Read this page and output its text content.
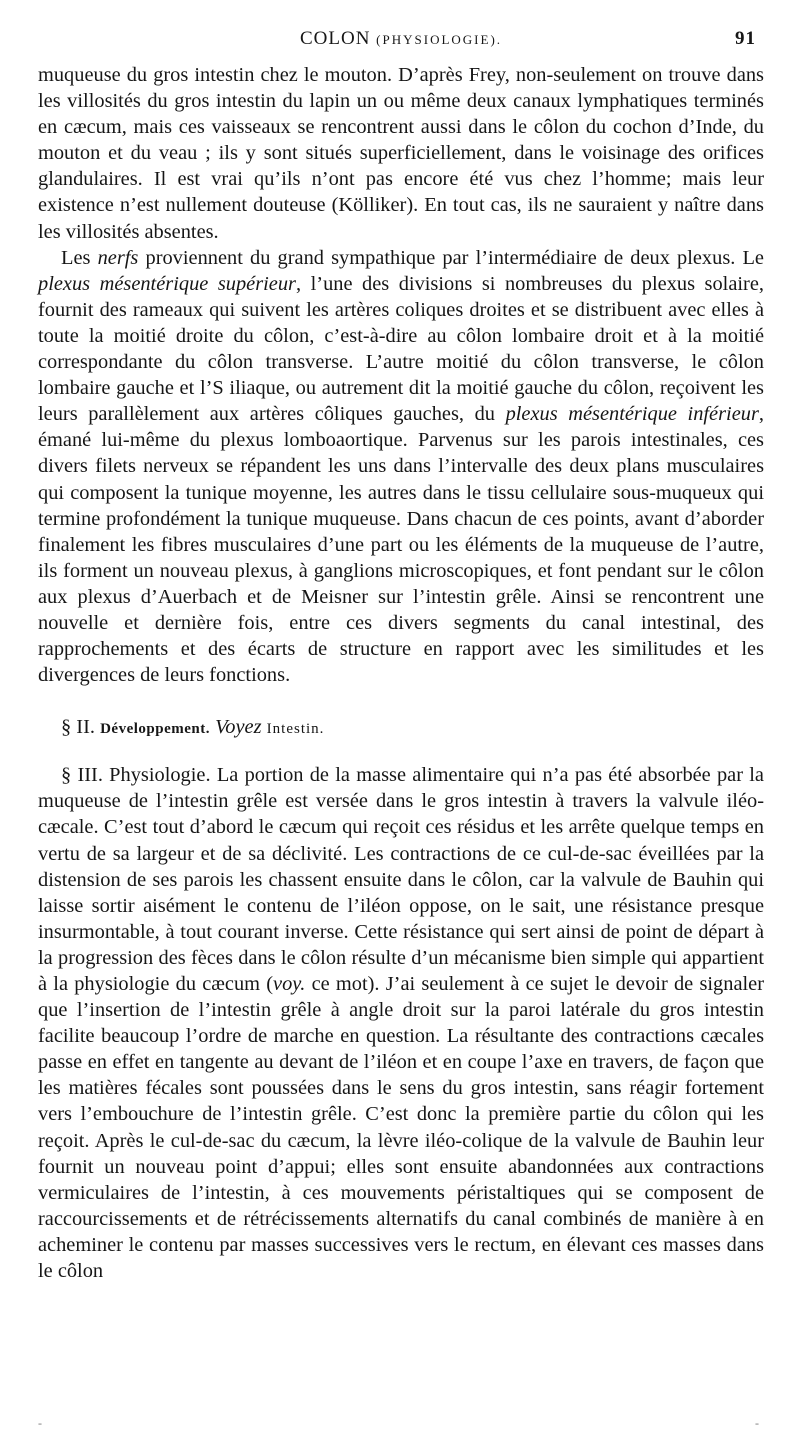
COLON (PHYSIOLOGIE).	91

muqueuse du gros intestin chez le mouton. D’après Frey, non-seulement on trouve dans les villosités du gros intestin du lapin un ou même deux canaux lymphatiques terminés en cæcum, mais ces vaisseaux se rencontrent aussi dans le côlon du cochon d’Inde, du mouton et du veau ; ils y sont situés superficiellement, dans le voisinage des orifices glandulaires. Il est vrai qu’ils n’ont pas encore été vus chez l’homme; mais leur existence n’est nullement douteuse (Kölliker). En tout cas, ils ne sauraient y naître dans les villosités absentes.

Les nerfs proviennent du grand sympathique par l’intermédiaire de deux plexus. Le plexus mésentérique supérieur, l’une des divisions si nombreuses du plexus solaire, fournit des rameaux qui suivent les artères coliques droites et se distribuent avec elles à toute la moitié droite du côlon, c’est-à-dire au côlon lombaire droit et à la moitié correspondante du côlon transverse. L’autre moitié du côlon transverse, le côlon lombaire gauche et l’S iliaque, ou autrement dit la moitié gauche du côlon, reçoivent les leurs parallèlement aux artères côliques gauches, du plexus mésentérique inférieur, émané lui-même du plexus lomboaortique. Parvenus sur les parois intestinales, ces divers filets nerveux se répandent les uns dans l’intervalle des deux plans musculaires qui composent la tunique moyenne, les autres dans le tissu cellulaire sous-muqueux qui termine profondément la tunique muqueuse. Dans chacun de ces points, avant d’aborder finalement les fibres musculaires d’une part ou les éléments de la muqueuse de l’autre, ils forment un nouveau plexus, à ganglions microscopiques, et font pendant sur le côlon aux plexus d’Auerbach et de Meisner sur l’intestin grêle. Ainsi se rencontrent une nouvelle et dernière fois, entre ces divers segments du canal intestinal, des rapprochements et des écarts de structure en rapport avec les similitudes et les divergences de leurs fonctions.

§ II. Développement. Voyez Intestin.

§ III. Physiologie. La portion de la masse alimentaire qui n’a pas été absorbée par la muqueuse de l’intestin grêle est versée dans le gros intestin à travers la valvule iléo-cæcale. C’est tout d’abord le cæcum qui reçoit ces résidus et les arrête quelque temps en vertu de sa largeur et de sa déclivité. Les contractions de ce cul-de-sac éveillées par la distension de ses parois les chassent ensuite dans le côlon, car la valvule de Bauhin qui laisse sortir aisément le contenu de l’iléon oppose, on le sait, une résistance presque insurmontable, à tout courant inverse. Cette résistance qui sert ainsi de point de départ à la progression des fèces dans le côlon résulte d’un mécanisme bien simple qui appartient à la physiologie du cæcum (voy. ce mot). J’ai seulement à ce sujet le devoir de signaler que l’insertion de l’intestin grêle à angle droit sur la paroi latérale du gros intestin facilite beaucoup l’ordre de marche en question. La résultante des contractions cæcales passe en effet en tangente au devant de l’iléon et en coupe l’axe en travers, de façon que les matières fécales sont poussées dans le sens du gros intestin, sans réagir fortement vers l’embouchure de l’intestin grêle. C’est donc la première partie du côlon qui les reçoit. Après le cul-de-sac du cæcum, la lèvre iléo-colique de la valvule de Bauhin leur fournit un nouveau point d’appui; elles sont ensuite abandonnées aux contractions vermiculaires de l’intestin, à ces mouvements péristaltiques qui se composent de raccourcissements et de rétrécissements alternatifs du canal combinés de manière à en acheminer le contenu par masses successives vers le rectum, en élevant ces masses dans le côlon

-	-
